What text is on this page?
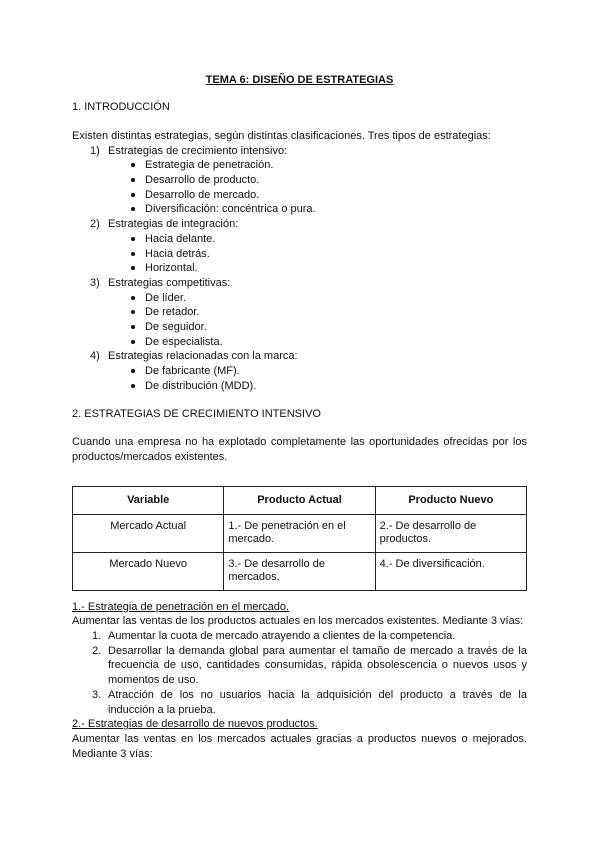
TEMA 6: DISEÑO DE ESTRATEGIAS
1. INTRODUCCIÓN
Existen distintas estrategias, según distintas clasificaciones. Tres tipos de estrategias:
1) Estrategias de crecimiento intensivo:
Estrategia de penetración.
Desarrollo de producto.
Desarrollo de mercado.
Diversificación: concéntrica o pura.
2) Estrategias de integración:
Hacia delante.
Hacia detrás.
Horizontal.
3) Estrategias competitivas:
De líder.
De retador.
De seguidor.
De especialista.
4) Estrategias relacionadas con la marca:
De fabricante (MF).
De distribución (MDD).
2. ESTRATEGIAS DE CRECIMIENTO INTENSIVO
Cuando una empresa no ha explotado completamente las oportunidades ofrecidas por los productos/mercados existentes.
Variable	Producto Actual	Producto Nuevo
Mercado Actual	1.- De penetración en el mercado.	2.- De desarrollo de productos.
Mercado Nuevo	3.- De desarrollo de mercados.	4.- De diversificación.
1.- Estrategia de penetración en el mercado.
Aumentar las ventas de los productos actuales en los mercados existentes. Mediante 3 vías:
1. Aumentar la cuota de mercado atrayendo a clientes de la competencia.
2. Desarrollar la demanda global para aumentar el tamaño de mercado a través de la frecuencia de uso, cantidades consumidas, rápida obsolescencia o nuevos usos y momentos de uso.
3. Atracción de los no usuarios hacia la adquisición del producto a través de la inducción a la prueba.
2.- Estrategias de desarrollo de nuevos productos.
Aumentar las ventas en los mercados actuales gracias a productos nuevos o mejorados. Mediante 3 vías:
